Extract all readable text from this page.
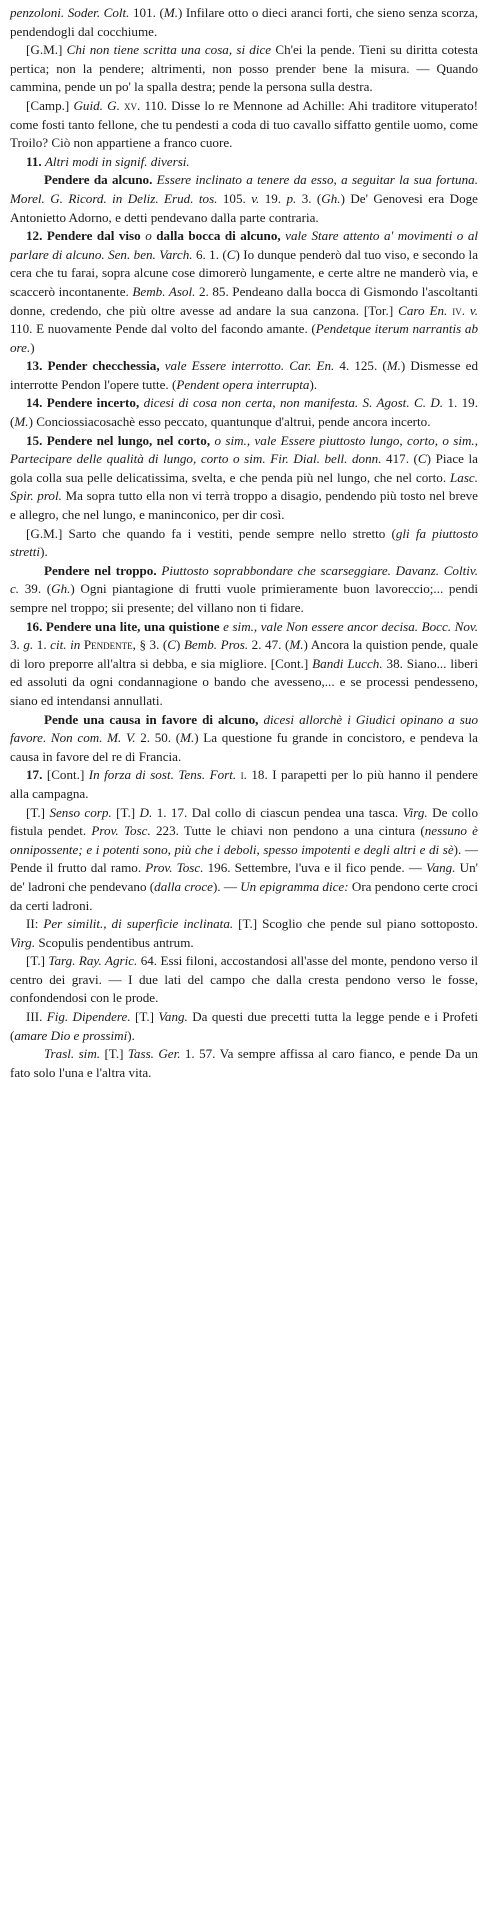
penzoloni. Soder. Colt. 101. (M.) Infilare otto o dieci aranci forti, che sieno senza scorza, pendendogli dal cocchiume.

[G.M.] Chi non tiene scritta una cosa, si dice Ch'ei la pende. Tieni su diritta cotesta pertica; non la pendere; altrimenti, non posso prender bene la misura. — Quando cammina, pende un po' la spalla destra; pende la persona sulla destra.

[Camp.] Guid. G. xv. 110. Disse lo re Mennone ad Achille: Ahi traditore vituperato! come fosti tanto fellone, che tu pendesti a coda di tuo cavallo siffatto gentile uomo, come Troilo? Ciò non appartiene a franco cuore.

11. Altri modi in signif. diversi.

Pendere da alcuno. Essere inclinato a tenere da esso, a seguitar la sua fortuna. Morel. G. Ricord. in Deliz. Erud. tos. 105. v. 19. p. 3. (Gh.) De' Genovesi era Doge Antonietto Adorno, e detti pendevano dalla parte contraria.

12. Pendere dal viso o dalla bocca di alcuno, vale Stare attento a' movimenti o al parlare di alcuno. Sen. ben. Varch. 6. 1. (C) Io dunque penderò dal tuo viso, e secondo la cera che tu farai, sopra alcune cose dimorerò lungamente, e certe altre ne manderò via, e scaccerò incontanente. Bemb. Asol. 2. 85. Pendeano dalla bocca di Gismondo l'ascoltanti donne, credendo, che più oltre avesse ad andare la sua canzona. [Tor.] Caro En. iv. v. 110. E nuovamente Pende dal volto del facondo amante. (Pendetque iterum narrantis ab ore.)

13. Pender checchessia, vale Essere interrotto. Car. En. 4. 125. (M.) Dismesse ed interrotte Pendon l'opere tutte. (Pendent opera interrupta).

14. Pendere incerto, dicesi di cosa non certa, non manifesta. S. Agost. C. D. 1. 19. (M.) Conciossiacosachè esso peccato, quantunque d'altrui, pende ancora incerto.

15. Pendere nel lungo, nel corto, o sim., vale Essere piuttosto lungo, corto, o sim., Partecipare delle qualità di lungo, corto o sim. Fir. Dial. bell. donn. 417. (C) Piace la gola colla sua pelle delicatissima, svelta, e che penda più nel lungo, che nel corto. Lasc. Spir. prol. Ma sopra tutto ella non vi terrà troppo a disagio, pendendo più tosto nel breve e allegro, che nel lungo, e maninconico, per dir così.

[G.M.] Sarto che quando fa i vestiti, pende sempre nello stretto (gli fa piuttosto stretti).

Pendere nel troppo. Piuttosto soprabbondare che scarseggiare. Davanz. Coltiv. c. 39. (Gh.) Ogni piantagione di frutti vuole primieramente buon lavoreccio;... pendi sempre nel troppo; sii presente; del villano non ti fidare.

16. Pendere una lite, una quistione e sim., vale Non essere ancor decisa. Bocc. Nov. 3. g. 1. cit. in Pendente, § 3. (C) Bemb. Pros. 2. 47. (M.) Ancora la quistion pende, quale di loro preporre all'altra si debba, e sia migliore. [Cont.] Bandi Lucch. 38. Siano... liberi ed assoluti da ogni condannagione o bando che avesseno,... e se processi pendesseno, siano ed intendansi annullati.

Pende una causa in favore di alcuno, dicesi allorchè i Giudici opinano a suo favore. Non com. M. V. 2. 50. (M.) La questione fu grande in concistoro, e pendeva la causa in favore del re di Francia.

17. [Cont.] In forza di sost. Tens. Fort. i. 18. I parapetti per lo più hanno il pendere alla campagna.

[T.] Senso corp. [T.] D. 1. 17. Dal collo di ciascun pendea una tasca. Virg. De collo fistula pendet. Prov. Tosc. 223. Tutte le chiavi non pendono a una cintura (nessuno è onnipossente; e i potenti sono, più che i deboli, spesso impotenti e degli altri e di sè). — Pende il frutto dal ramo. Prov. Tosc. 196. Settembre, l'uva e il fico pende. — Vang. Un' de' ladroni che pendevano (dalla croce). — Un epigramma dice: Ora pendono certe croci da certi ladroni.

II: Per similit., di superficie inclinata. [T.] Scoglio che pende sul piano sottoposto. Virg. Scopulis pendentibus antrum.

[T.] Targ. Ray. Agric. 64. Essi filoni, accostandosi all'asse del monte, pendono verso il centro dei gravi. — I due lati del campo che dalla cresta pendono verso le fosse, confondendosi con le prode.

III. Fig. Dipendere. [T.] Vang. Da questi due precetti tutta la legge pende e i Profeti (amare Dio e prossimi).

Trasl. sim. [T.] Tass. Ger. 1. 57. Va sempre affissa al caro fianco, e pende Da un fato solo l'una e l'altra vita.
